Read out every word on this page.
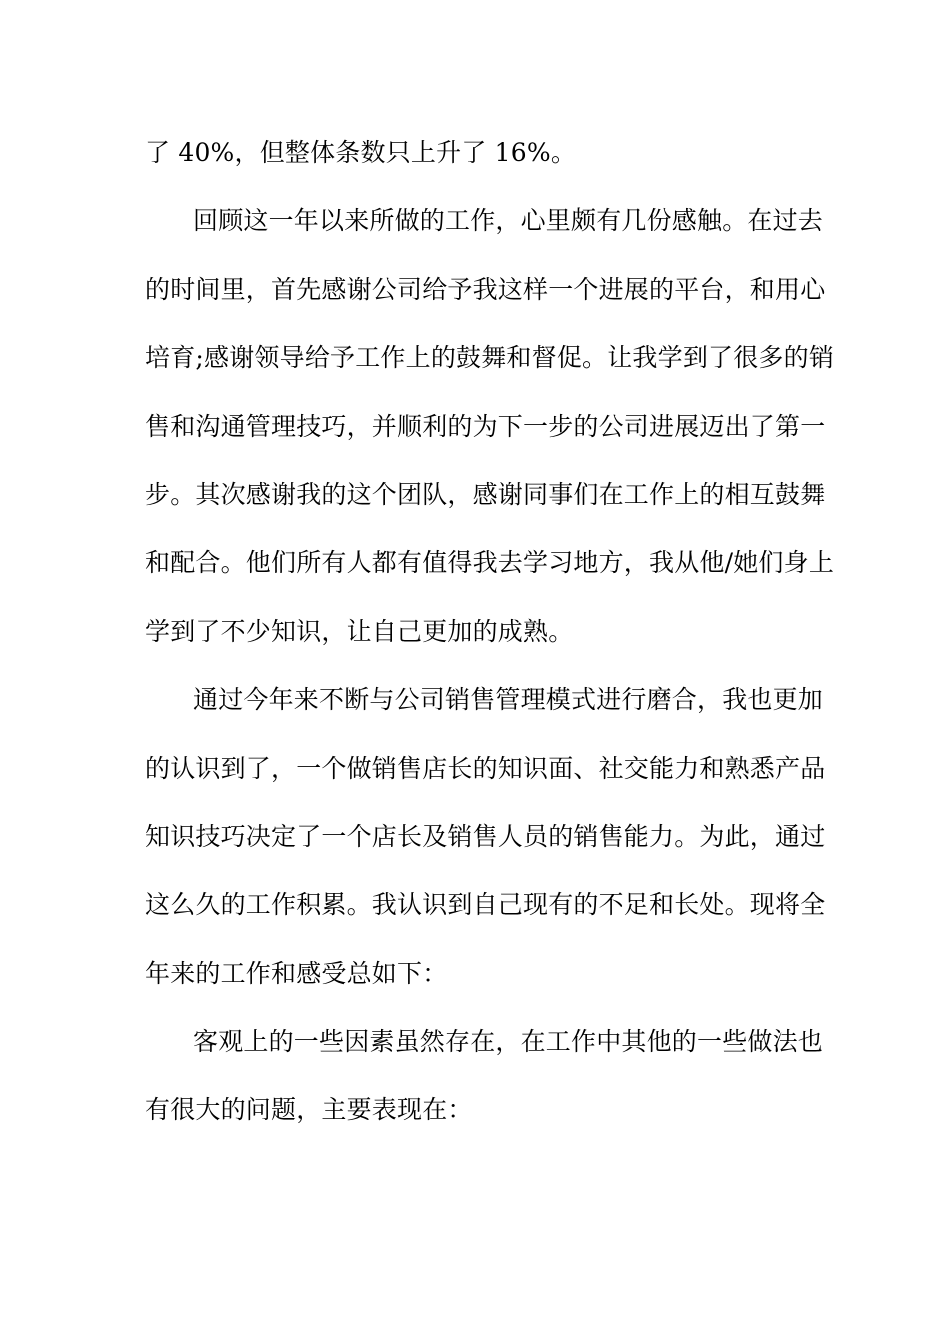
了 40%，但整体条数只上升了 16%。
回顾这一年以来所做的工作，心里颇有几份感触。在过去
的时间里，首先感谢公司给予我这样一个进展的平台，和用心
培育;感谢领导给予工作上的鼓舞和督促。让我学到了很多的销
售和沟通管理技巧，并顺利的为下一步的公司进展迈出了第一
步。其次感谢我的这个团队，感谢同事们在工作上的相互鼓舞
和配合。他们所有人都有值得我去学习地方，我从他/她们身上
学到了不少知识，让自己更加的成熟。
通过今年来不断与公司销售管理模式进行磨合，我也更加
的认识到了，一个做销售店长的知识面、社交能力和熟悉产品
知识技巧决定了一个店长及销售人员的销售能力。为此，通过
这么久的工作积累。我认识到自己现有的不足和长处。现将全
年来的工作和感受总如下：
客观上的一些因素虽然存在，在工作中其他的一些做法也
有很大的问题，主要表现在：
